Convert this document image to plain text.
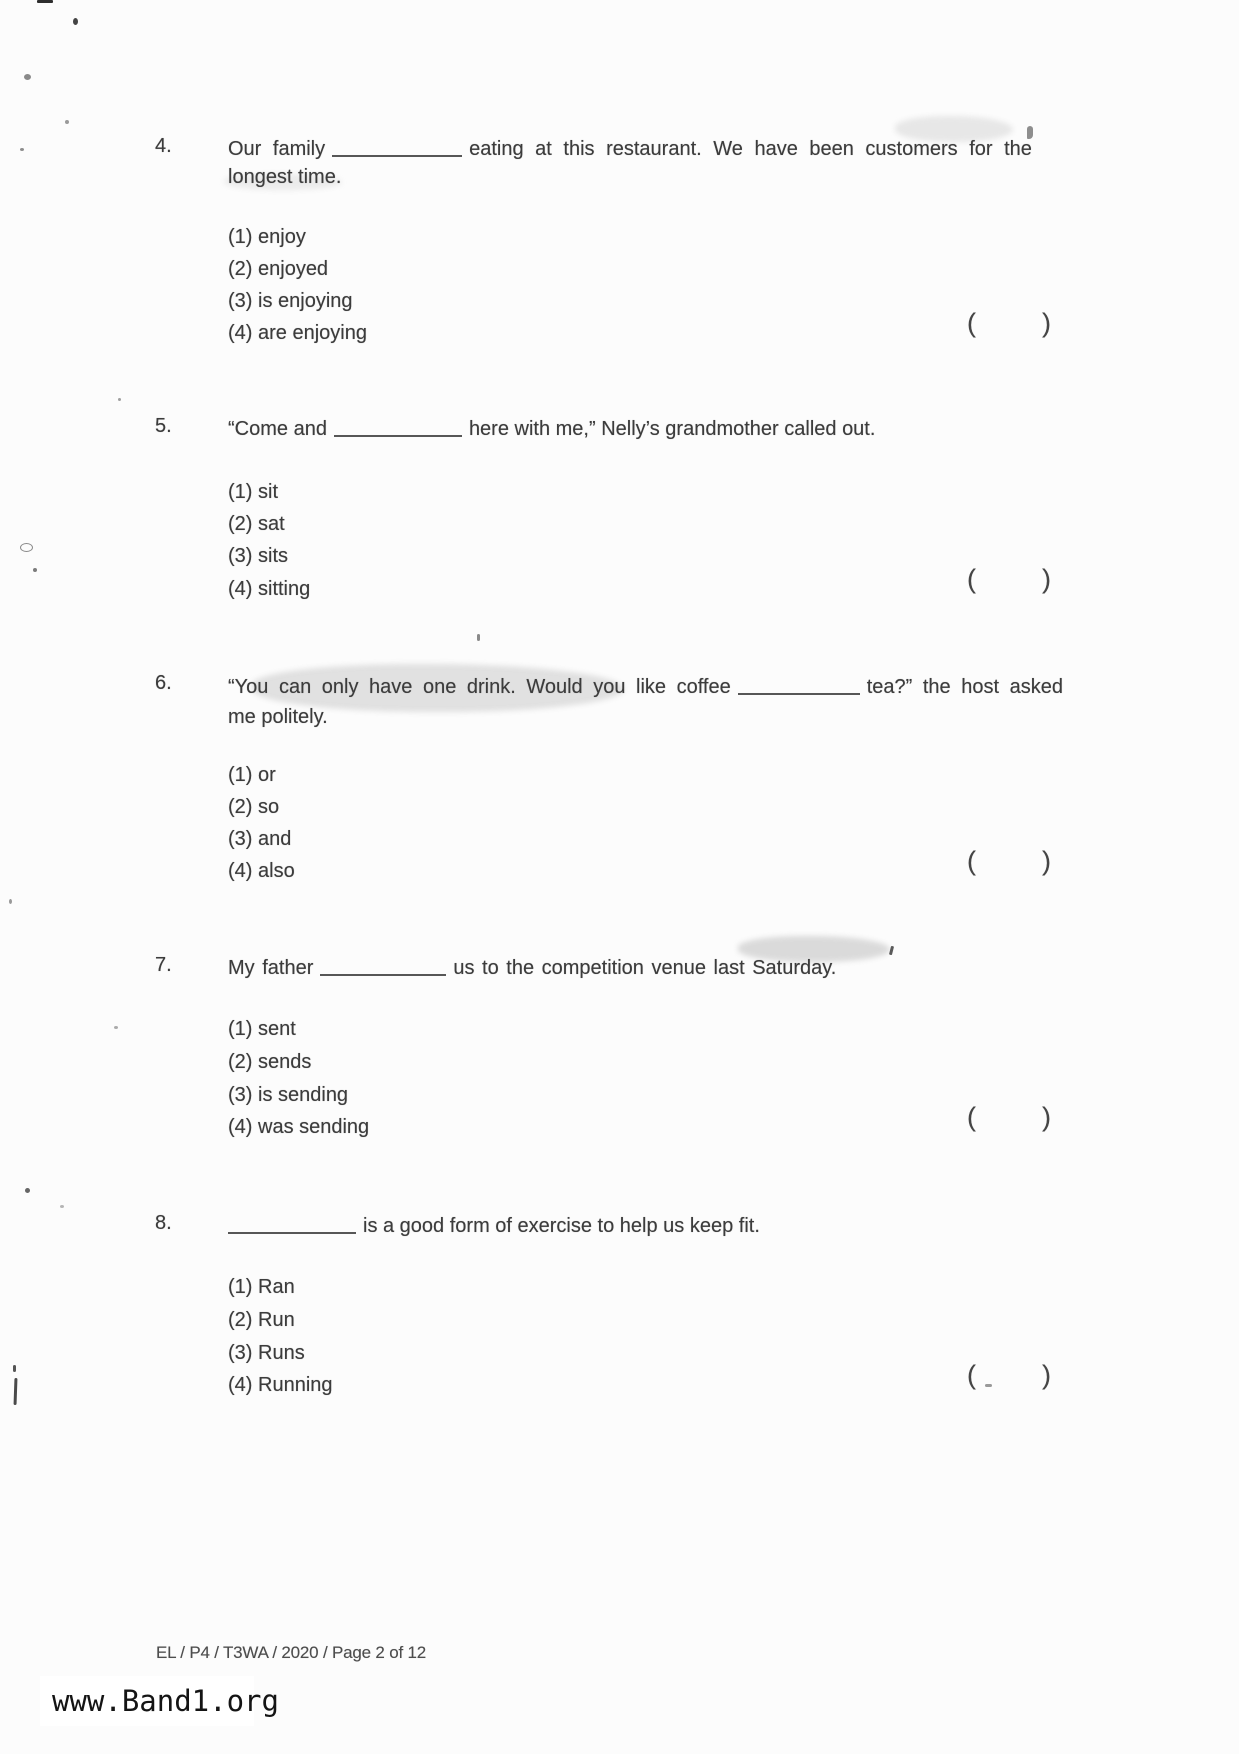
4.	Our family	eating at this restaurant. We have been customers for the
longest time.
(1) enjoy
(2) enjoyed
(3) is enjoying
(4) are enjoying	( )
5.	“Come and	here with me,” Nelly’s grandmother called out.
(1) sit
(2) sat
(3) sits
(4) sitting	( )
6.	“You can only have one drink. Would you like coffee	tea?” the host asked
me politely.
(1) or
(2) so
(3) and
(4) also	( )
7.	My father	us to the competition venue last Saturday.
(1) sent
(2) sends
(3) is sending
(4) was sending	( )
8.	is a good form of exercise to help us keep fit.
(1) Ran
(2) Run
(3) Runs
(4) Running	( )
EL / P4 / T3WA / 2020 / Page 2 of 12
www.Band1.org
